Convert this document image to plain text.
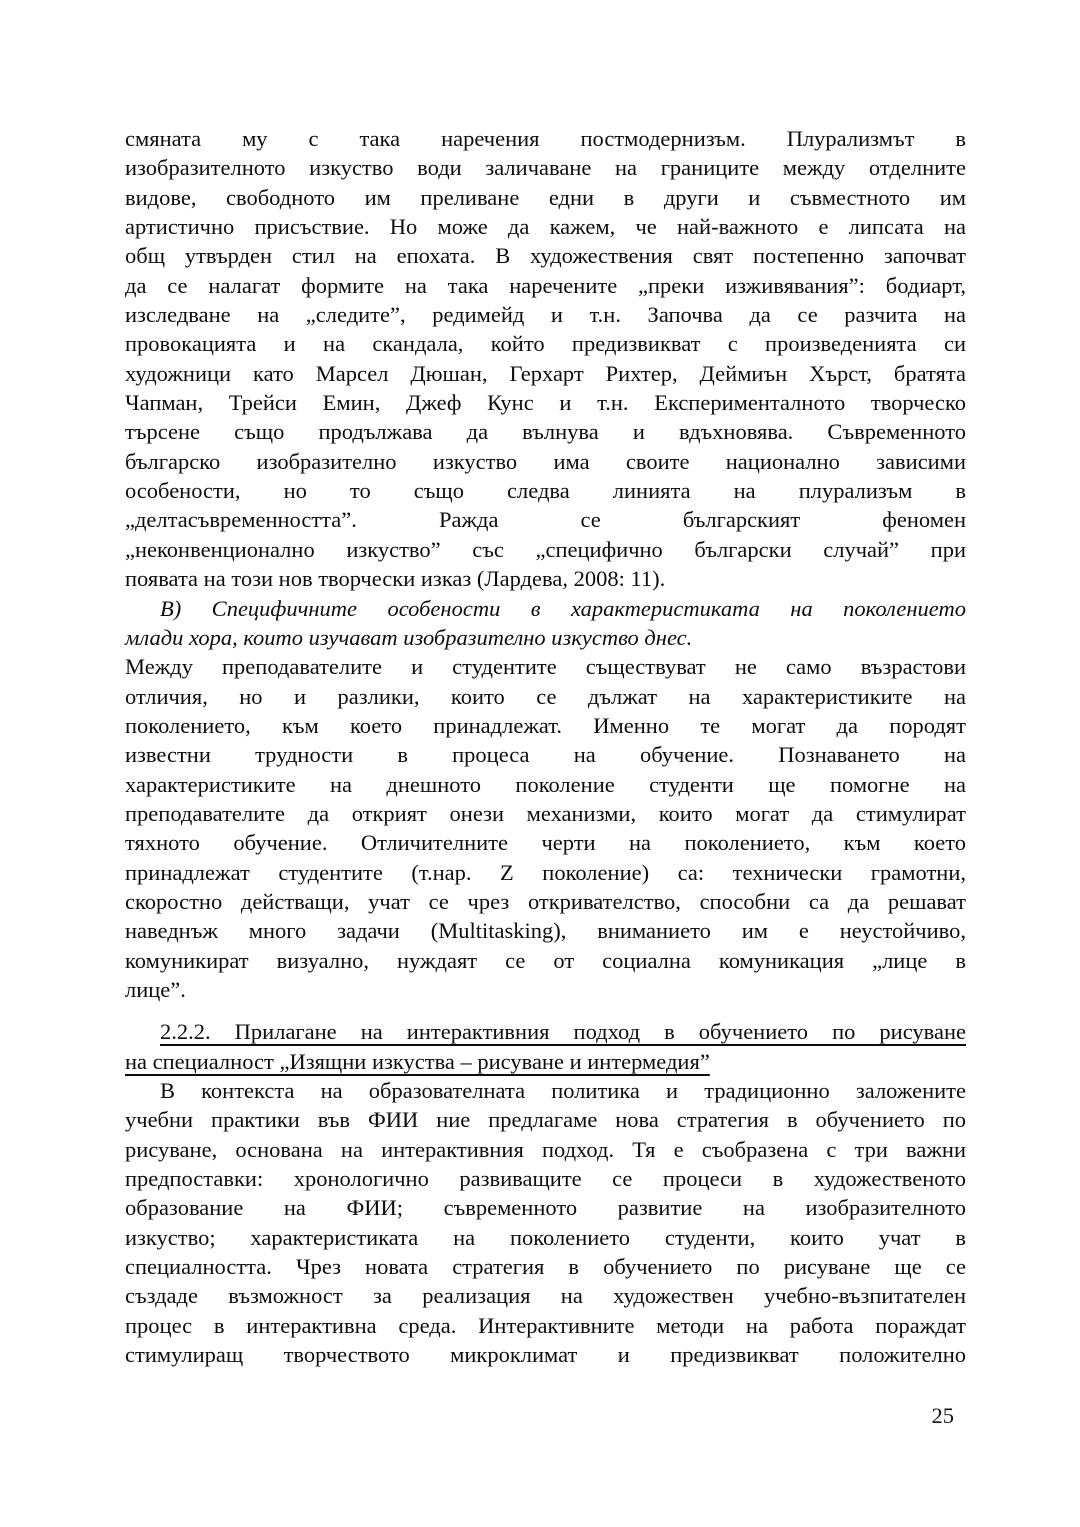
смяната му с така наречения постмодернизъм. Плурализмът в
изобразителното изкуство води заличаване на границите между отделните
видове, свободното им преливане едни в други и съвместното им
артистично присъствие. Но може да кажем, че най-важното е липсата на
общ утвърден стил на епохата. В художествения свят постепенно започват
да се налагат формите на така наречените „преки изживявания”: бодиарт,
изследване на „следите”, редимейд и т.н. Започва да се разчита на
провокацията и на скандала, който предизвикват с произведенията си
художници като Марсел Дюшан, Герхарт Рихтер, Деймиън Хърст, братята
Чапман, Трейси Емин, Джеф Кунс и т.н. Експерименталното творческо
търсене също продължава да вълнува и вдъхновява. Съвременното
българско изобразително изкуство има своите национално зависими
особености, но то също следва линията на плурализъм в
„делтасъвременността”. Ражда се българският феномен
„неконвенционално изкуство” със „специфично български случай” при
появата на този нов творчески изказ (Лардева, 2008: 11).
В) Специфичните особености в характеристиката на поколението
млади хора, които изучават изобразително изкуство днес.
Между преподавателите и студентите съществуват не само възрастови
отличия, но и разлики, които се дължат на характеристиките на
поколението, към което принадлежат. Именно те могат да породят
известни трудности в процеса на обучение. Познаването на
характеристиките на днешното поколение студенти ще помогне на
преподавателите да открият онези механизми, които могат да стимулират
тяхното обучение. Отличителните черти на поколението, към което
принадлежат студентите (т.нар. Z поколение) са: технически грамотни,
скоростно действащи, учат се чрез откривателство, способни са да решават
наведнъж много задачи (Multitasking), вниманието им е неустойчиво,
комуникират визуално, нуждаят се от социална комуникация „лице в
лице”.
2.2.2. Прилагане на интерактивния подход в обучението по рисуване
на специалност „Изящни изкуства – рисуване и интермедия”
В контекста на образователната политика и традиционно заложените
учебни практики във ФИИ ние предлагаме нова стратегия в обучението по
рисуване, основана на интерактивния подход. Тя е съобразена с три важни
предпоставки: хронологично развиващите се процеси в художественото
образование на ФИИ; съвременното развитие на изобразителното
изкуство; характеристиката на поколението студенти, които учат в
специалността. Чрез новата стратегия в обучението по рисуване ще се
създаде възможност за реализация на художествен учебно-възпитателен
процес в интерактивна среда. Интерактивните методи на работа пораждат
стимулиращ творчеството микроклимат и предизвикват положително
25
